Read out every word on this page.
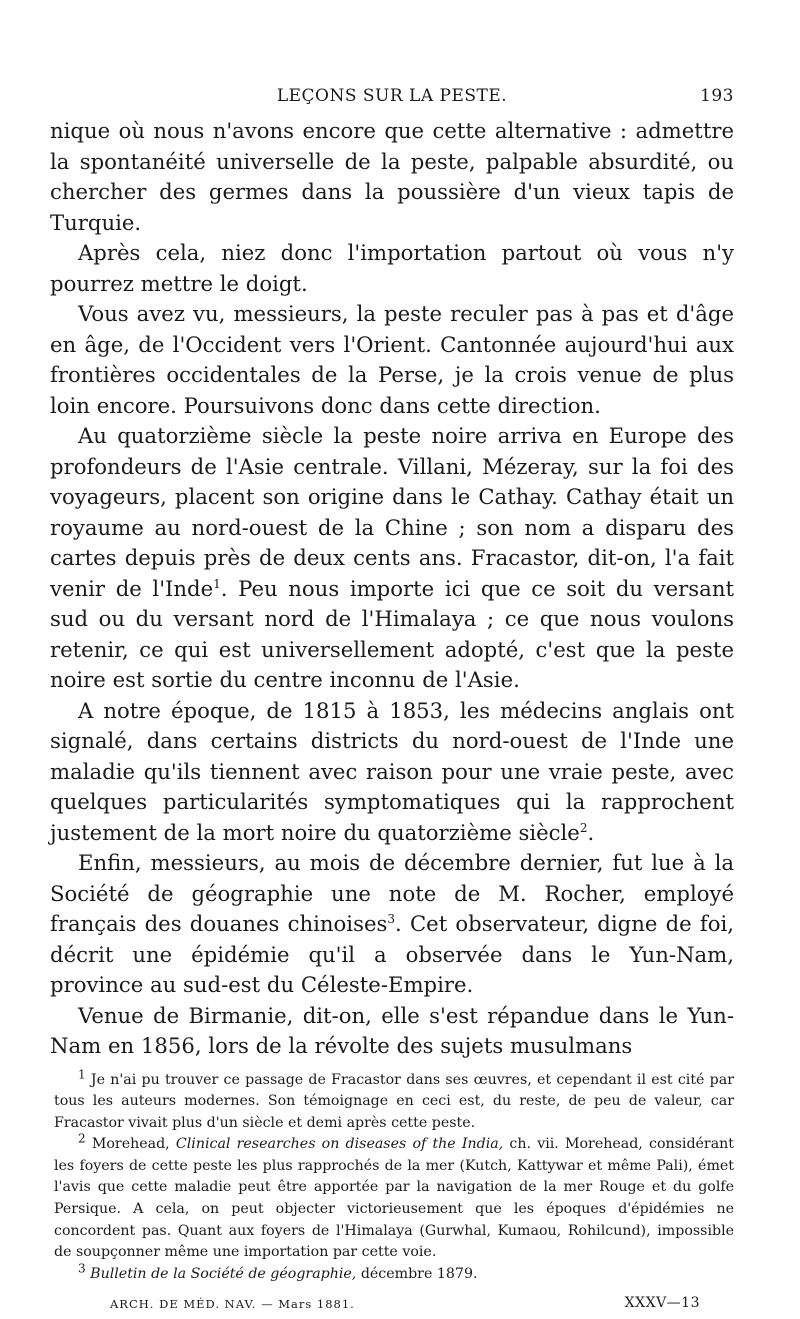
LEÇONS SUR LA PESTE.	193

nique où nous n'avons encore que cette alternative : admettre la spontanéité universelle de la peste, palpable absurdité, ou chercher des germes dans la poussière d'un vieux tapis de Turquie.

Après cela, niez donc l'importation partout où vous n'y pourrez mettre le doigt.

Vous avez vu, messieurs, la peste reculer pas à pas et d'âge en âge, de l'Occident vers l'Orient. Cantonnée aujourd'hui aux frontières occidentales de la Perse, je la crois venue de plus loin encore. Poursuivons donc dans cette direction.

Au quatorzième siècle la peste noire arriva en Europe des profondeurs de l'Asie centrale. Villani, Mézeray, sur la foi des voyageurs, placent son origine dans le Cathay. Cathay était un royaume au nord-ouest de la Chine ; son nom a disparu des cartes depuis près de deux cents ans. Fracastor, dit-on, l'a fait venir de l'Inde$^1$. Peu nous importe ici que ce soit du versant sud ou du versant nord de l'Himalaya ; ce que nous voulons retenir, ce qui est universellement adopté, c'est que la peste noire est sortie du centre inconnu de l'Asie.

A notre époque, de 1815 à 1853, les médecins anglais ont signalé, dans certains districts du nord-ouest de l'Inde une maladie qu'ils tiennent avec raison pour une vraie peste, avec quelques particularités symptomatiques qui la rapprochent justement de la mort noire du quatorzième siècle$^2$.

Enfin, messieurs, au mois de décembre dernier, fut lue à la Société de géographie une note de M. Rocher, employé français des douanes chinoises$^3$. Cet observateur, digne de foi, décrit une épidémie qu'il a observée dans le Yun-Nam, province au sud-est du Céleste-Empire.

Venue de Birmanie, dit-on, elle s'est répandue dans le Yun-Nam en 1856, lors de la révolte des sujets musulmans

$^1$ Je n'ai pu trouver ce passage de Fracastor dans ses œuvres, et cependant il est cité par tous les auteurs modernes. Son témoignage en ceci est, du reste, de peu de valeur, car Fracastor vivait plus d'un siècle et demi après cette peste.

$^2$ Morehead, Clinical researches on diseases of the India, ch. vii. Morehead, considérant les foyers de cette peste les plus rapprochés de la mer (Kutch, Kattywar et même Pali), émet l'avis que cette maladie peut être apportée par la navigation de la mer Rouge et du golfe Persique. A cela, on peut objecter victorieusement que les époques d'épidémies ne concordent pas. Quant aux foyers de l'Himalaya (Gurwhal, Kumaou, Rohilcund), impossible de soupçonner même une importation par cette voie.

$^3$ Bulletin de la Société de géographie, décembre 1879.

ARCH. DE MÉD. NAV. — Mars 1881.	XXXV—13
